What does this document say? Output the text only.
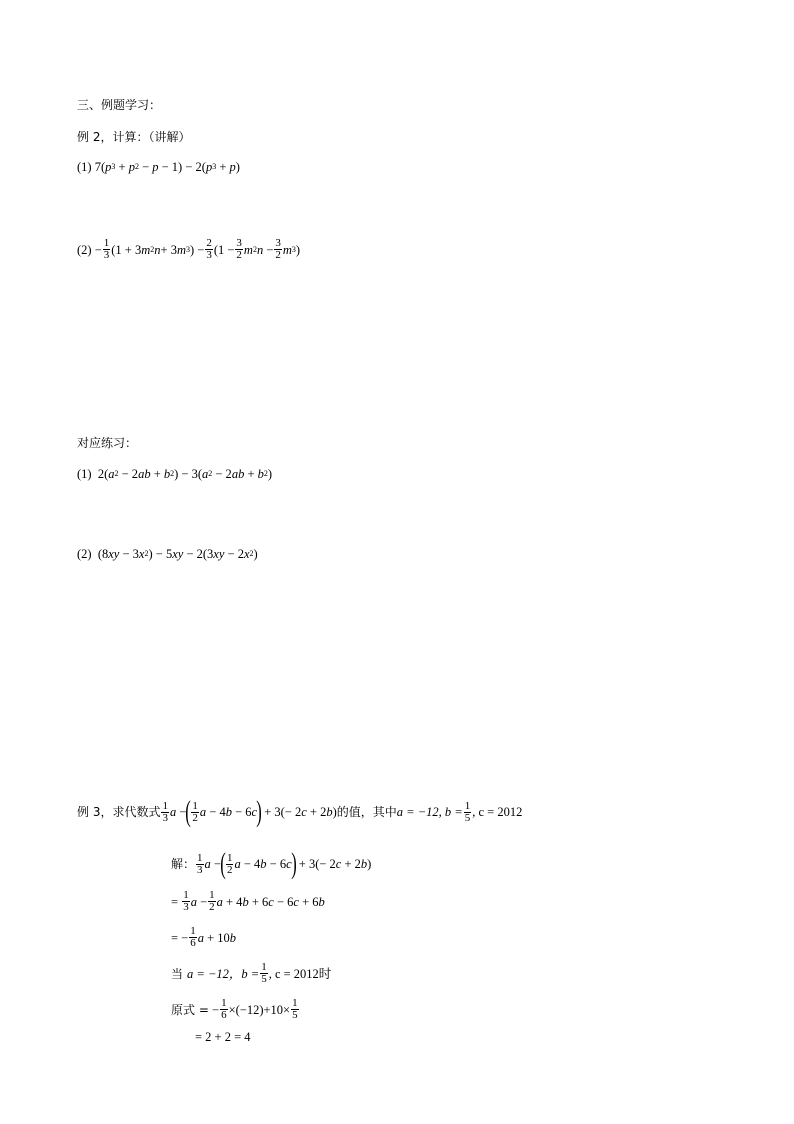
三、例题学习：
例 2，计算：（讲解）
(1) 7( p 3 + p 2 − p − 1) − 2( p 3 + p )
$(2) - \frac{1}{3} (1 + 3$ m 2 n + 3 m 3 ) − $\frac{2}{3} (1 - \frac{3}{2}$ m 2 $n - \frac{3}{2}$ m 3 )
对应练习：
(1) 2( a 2 − 2 ab + b 2 ) − 3( a 2 − 2 ab + b 2 )
(2) (8 xy − 3 x 2 ) − 5 xy − 2(3 xy − 2 x 2 )
例 3，求代数式 $\frac{1}{3}$ a − ( $\frac{1}{2}$ a − 4 b − 6 c ) + 3(− 2 c + 2 b ) 的值，其中 a = −12, $b = \frac{1}{5}$ , c = 2012
解： $\frac{1}{3}$ a − ( $\frac{1}{2}$ a − 4 b − 6 c ) + 3(− 2 c + 2 b )
= $\frac{1}{3}$ $a - \frac{1}{2}$ a + 4 b + 6 c − 6 c + 6 b
= − $\frac{1}{6}$ a + 10 b
当 a = −12，$b = \frac{1}{5}$ , c = 2012时
原式 = − $\frac{1}{6} \times(-12)+10\times \frac{1}{5}$
= 2 + 2 = 4
